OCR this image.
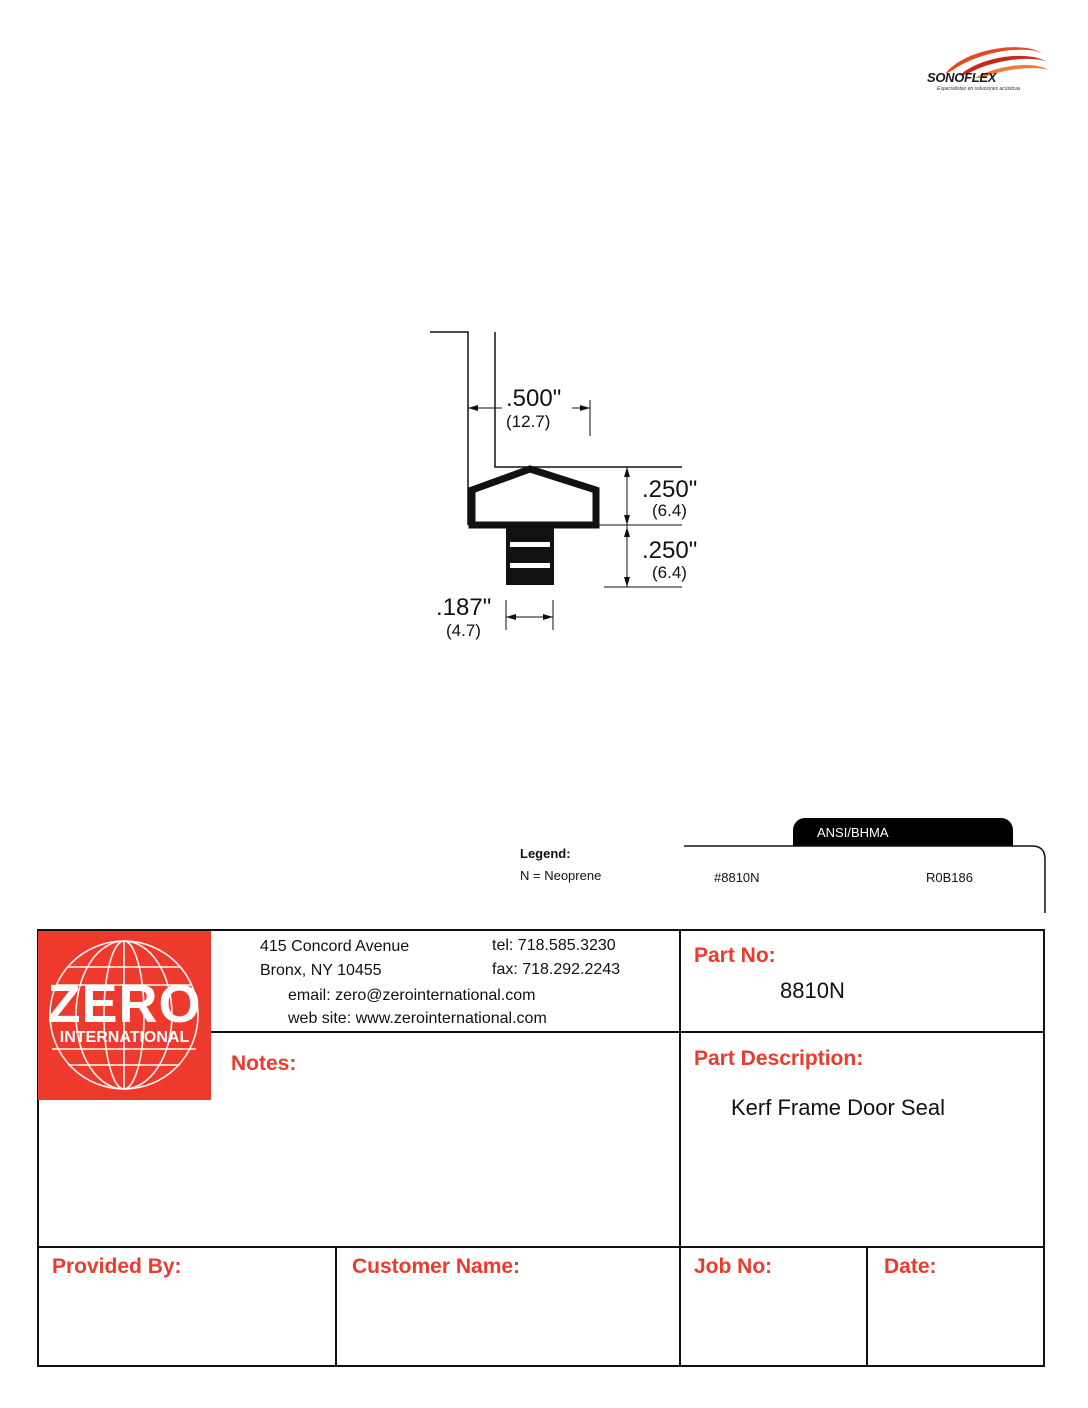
SONOFLEX
Especialistas en soluciones acústicas
.500"
(12.7)
.250"
(6.4)
.250"
(6.4)
.187"
(4.7)
Legend:
N = Neoprene
ANSI/BHMA
#8810N	R0B186
ZERO
INTERNATIONAL
415 Concord Avenue
Bronx, NY 10455
tel: 718.585.3230
fax: 718.292.2243
email: zero@zerointernational.com
web site: www.zerointernational.com
Part No:
8810N
Notes:	Part Description:
Kerf Frame Door Seal
Provided By:	Customer Name:	Job No:	Date:
